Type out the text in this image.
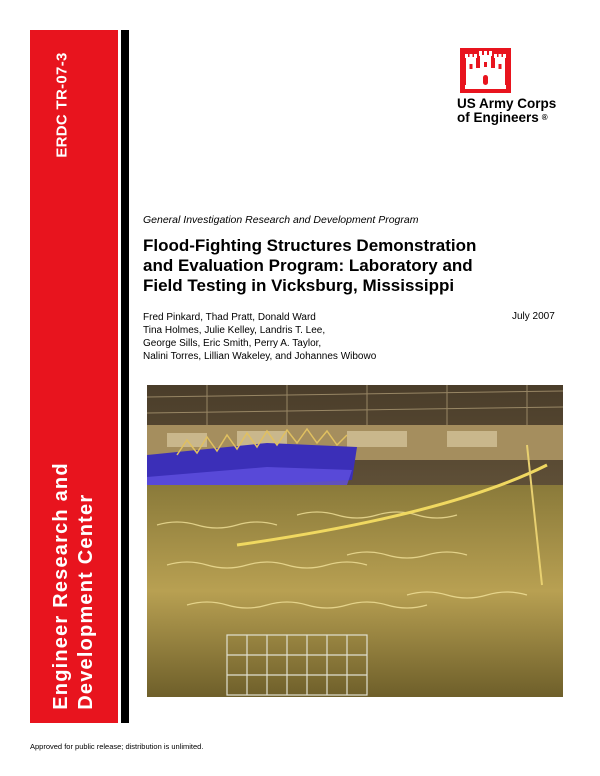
ERDC TR-07-3
Engineer Research and Development Center
US Army Corps
of Engineers ®
General Investigation Research and Development Program
Flood-Fighting Structures Demonstration
and Evaluation Program: Laboratory and
Field Testing in Vicksburg, Mississippi
Fred Pinkard, Thad Pratt, Donald Ward
Tina Holmes, Julie Kelley, Landris T. Lee,
George Sills, Eric Smith, Perry A. Taylor,
Nalini Torres, Lillian Wakeley, and Johannes Wibowo
July 2007
Approved for public release; distribution is unlimited.
